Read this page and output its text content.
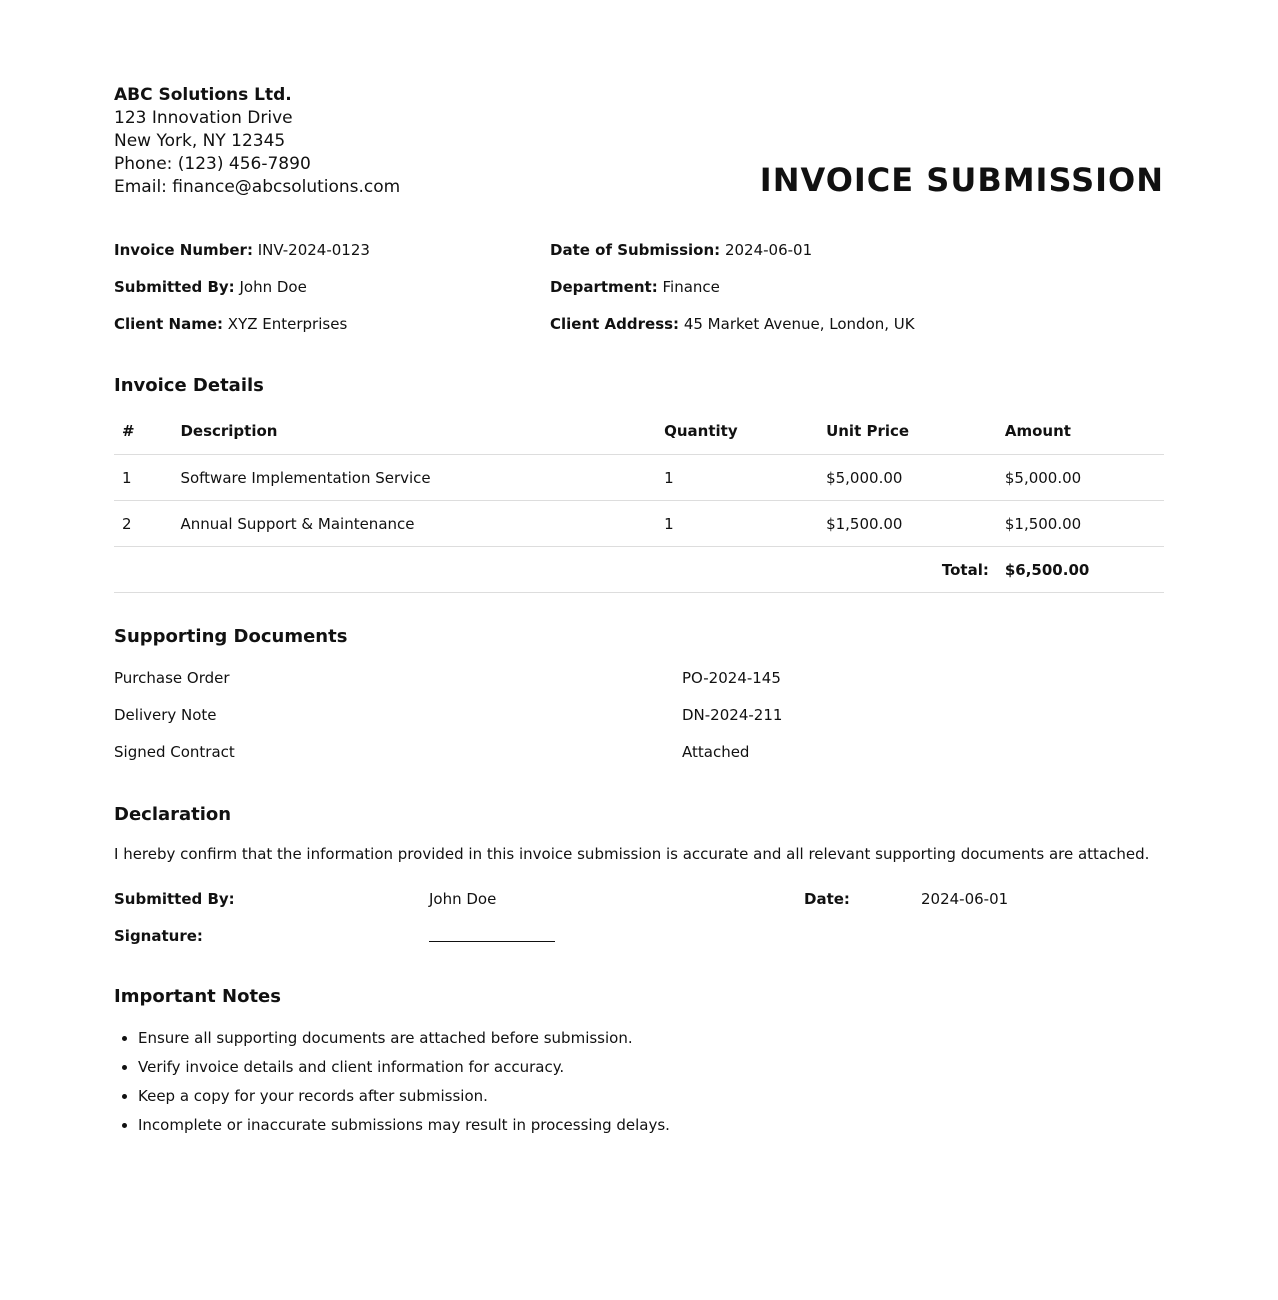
ABC Solutions Ltd.
123 Innovation Drive
New York, NY 12345
Phone: (123) 456-7890
Email: finance@abcsolutions.com	INVOICE SUBMISSION
Invoice Number: INV-2024-0123	Date of Submission: 2024-06-01
Submitted By: John Doe	Department: Finance
Client Name: XYZ Enterprises	Client Address: 45 Market Avenue, London, UK
Invoice Details
#	Description	Quantity	Unit Price	Amount
1	Software Implementation Service	1	$5,000.00	$5,000.00
2	Annual Support & Maintenance	1	$1,500.00	$1,500.00
Total:				$6,500.00
Supporting Documents
Purchase Order	PO-2024-145
Delivery Note	DN-2024-211
Signed Contract	Attached
Declaration
I hereby confirm that the information provided in this invoice submission is accurate and all relevant supporting documents are attached.
Submitted By:	John Doe	Date:	2024-06-01
Signature:
Important Notes
• Ensure all supporting documents are attached before submission.
• Verify invoice details and client information for accuracy.
• Keep a copy for your records after submission.
• Incomplete or inaccurate submissions may result in processing delays.
